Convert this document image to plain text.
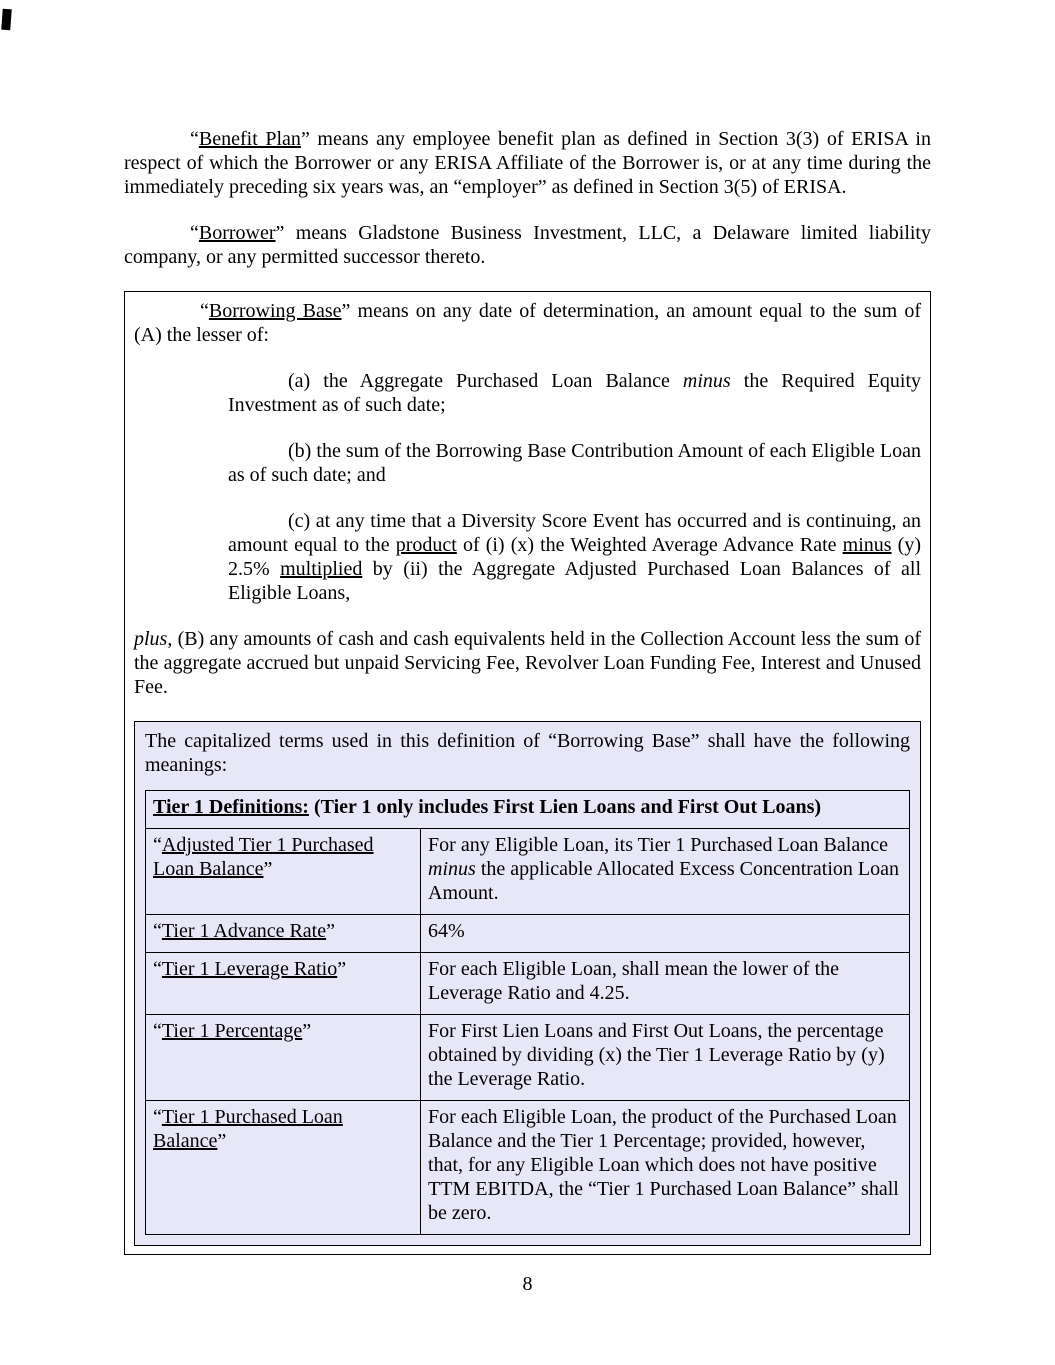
“Benefit Plan” means any employee benefit plan as defined in Section 3(3) of ERISA in respect of which the Borrower or any ERISA Affiliate of the Borrower is, or at any time during the immediately preceding six years was, an “employer” as defined in Section 3(5) of ERISA.

“Borrower” means Gladstone Business Investment, LLC, a Delaware limited liability company, or any permitted successor thereto.

“Borrowing Base” means on any date of determination, an amount equal to the sum of (A) the lesser of:

(a) the Aggregate Purchased Loan Balance minus the Required Equity Investment as of such date;

(b) the sum of the Borrowing Base Contribution Amount of each Eligible Loan as of such date; and

(c) at any time that a Diversity Score Event has occurred and is continuing, an amount equal to the product of (i) (x) the Weighted Average Advance Rate minus (y) 2.5% multiplied by (ii) the Aggregate Adjusted Purchased Loan Balances of all Eligible Loans,

plus, (B) any amounts of cash and cash equivalents held in the Collection Account less the sum of the aggregate accrued but unpaid Servicing Fee, Revolver Loan Funding Fee, Interest and Unused Fee.

The capitalized terms used in this definition of “Borrowing Base” shall have the following meanings:

Tier 1 Definitions: (Tier 1 only includes First Lien Loans and First Out Loans)	
“Adjusted Tier 1 Purchased Loan Balance”	For any Eligible Loan, its Tier 1 Purchased Loan Balance minus the applicable Allocated Excess Concentration Loan Amount.
“Tier 1 Advance Rate”	64%
“Tier 1 Leverage Ratio”	For each Eligible Loan, shall mean the lower of the Leverage Ratio and 4.25.
“Tier 1 Percentage”	For First Lien Loans and First Out Loans, the percentage obtained by dividing (x) the Tier 1 Leverage Ratio by (y) the Leverage Ratio.
“Tier 1 Purchased Loan Balance”	For each Eligible Loan, the product of the Purchased Loan Balance and the Tier 1 Percentage; provided, however, that, for any Eligible Loan which does not have positive TTM EBITDA, the “Tier 1 Purchased Loan Balance” shall be zero.
8
